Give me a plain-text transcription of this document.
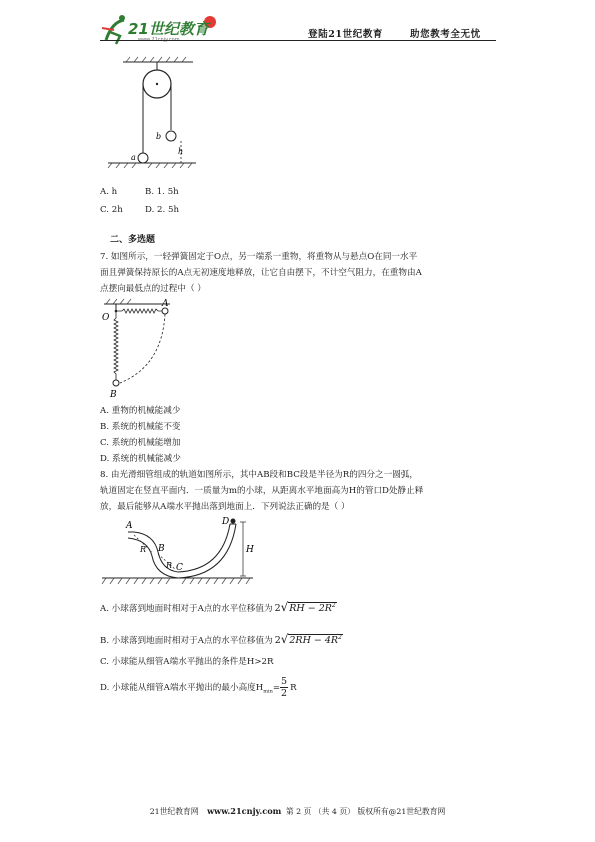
21世纪教育
www.21cnjy.com	登陆21世纪教育	助您教考全无忧
b
a
h
A. h	B. 1. 5h
C. 2h	D. 2. 5h
二、多选题
7. 如图所示，一轻弹簧固定于O点，另一端系一重物，将重物从与悬点O在同一水平
面且弹簧保持原长的A点无初速度地释放，让它自由摆下，不计空气阻力，在重物由A
点摆向最低点的过程中（ ）
O
A
B
A. 重物的机械能减少
B. 系统的机械能不变
C. 系统的机械能增加
D. 系统的机械能减少
8. 由光滑细管组成的轨道如图所示，其中AB段和BC段是半径为R的四分之一圆弧，
轨道固定在竖直平面内．一质量为m的小球，从距离水平地面高为H的管口D处静止释
放，最后能够从A端水平抛出落到地面上．下列说法正确的是（ ）
A
R B
R C
D
H
A. 小球落到地面时相对于A点的水平位移值为 $2√RH - 2R^2$
B. 小球落到地面时相对于A点的水平位移值为 $2√2RH - 4R^2$
C. 小球能从细管A端水平抛出的条件是H>2R
D. 小球能从细管A端水平抛出的最小高度$H_{min}= \frac{5}{2}$ R
21世纪教育网 www.21cnjy.com 第 2 页 （共 4 页） 版权所有@21世纪教育网
